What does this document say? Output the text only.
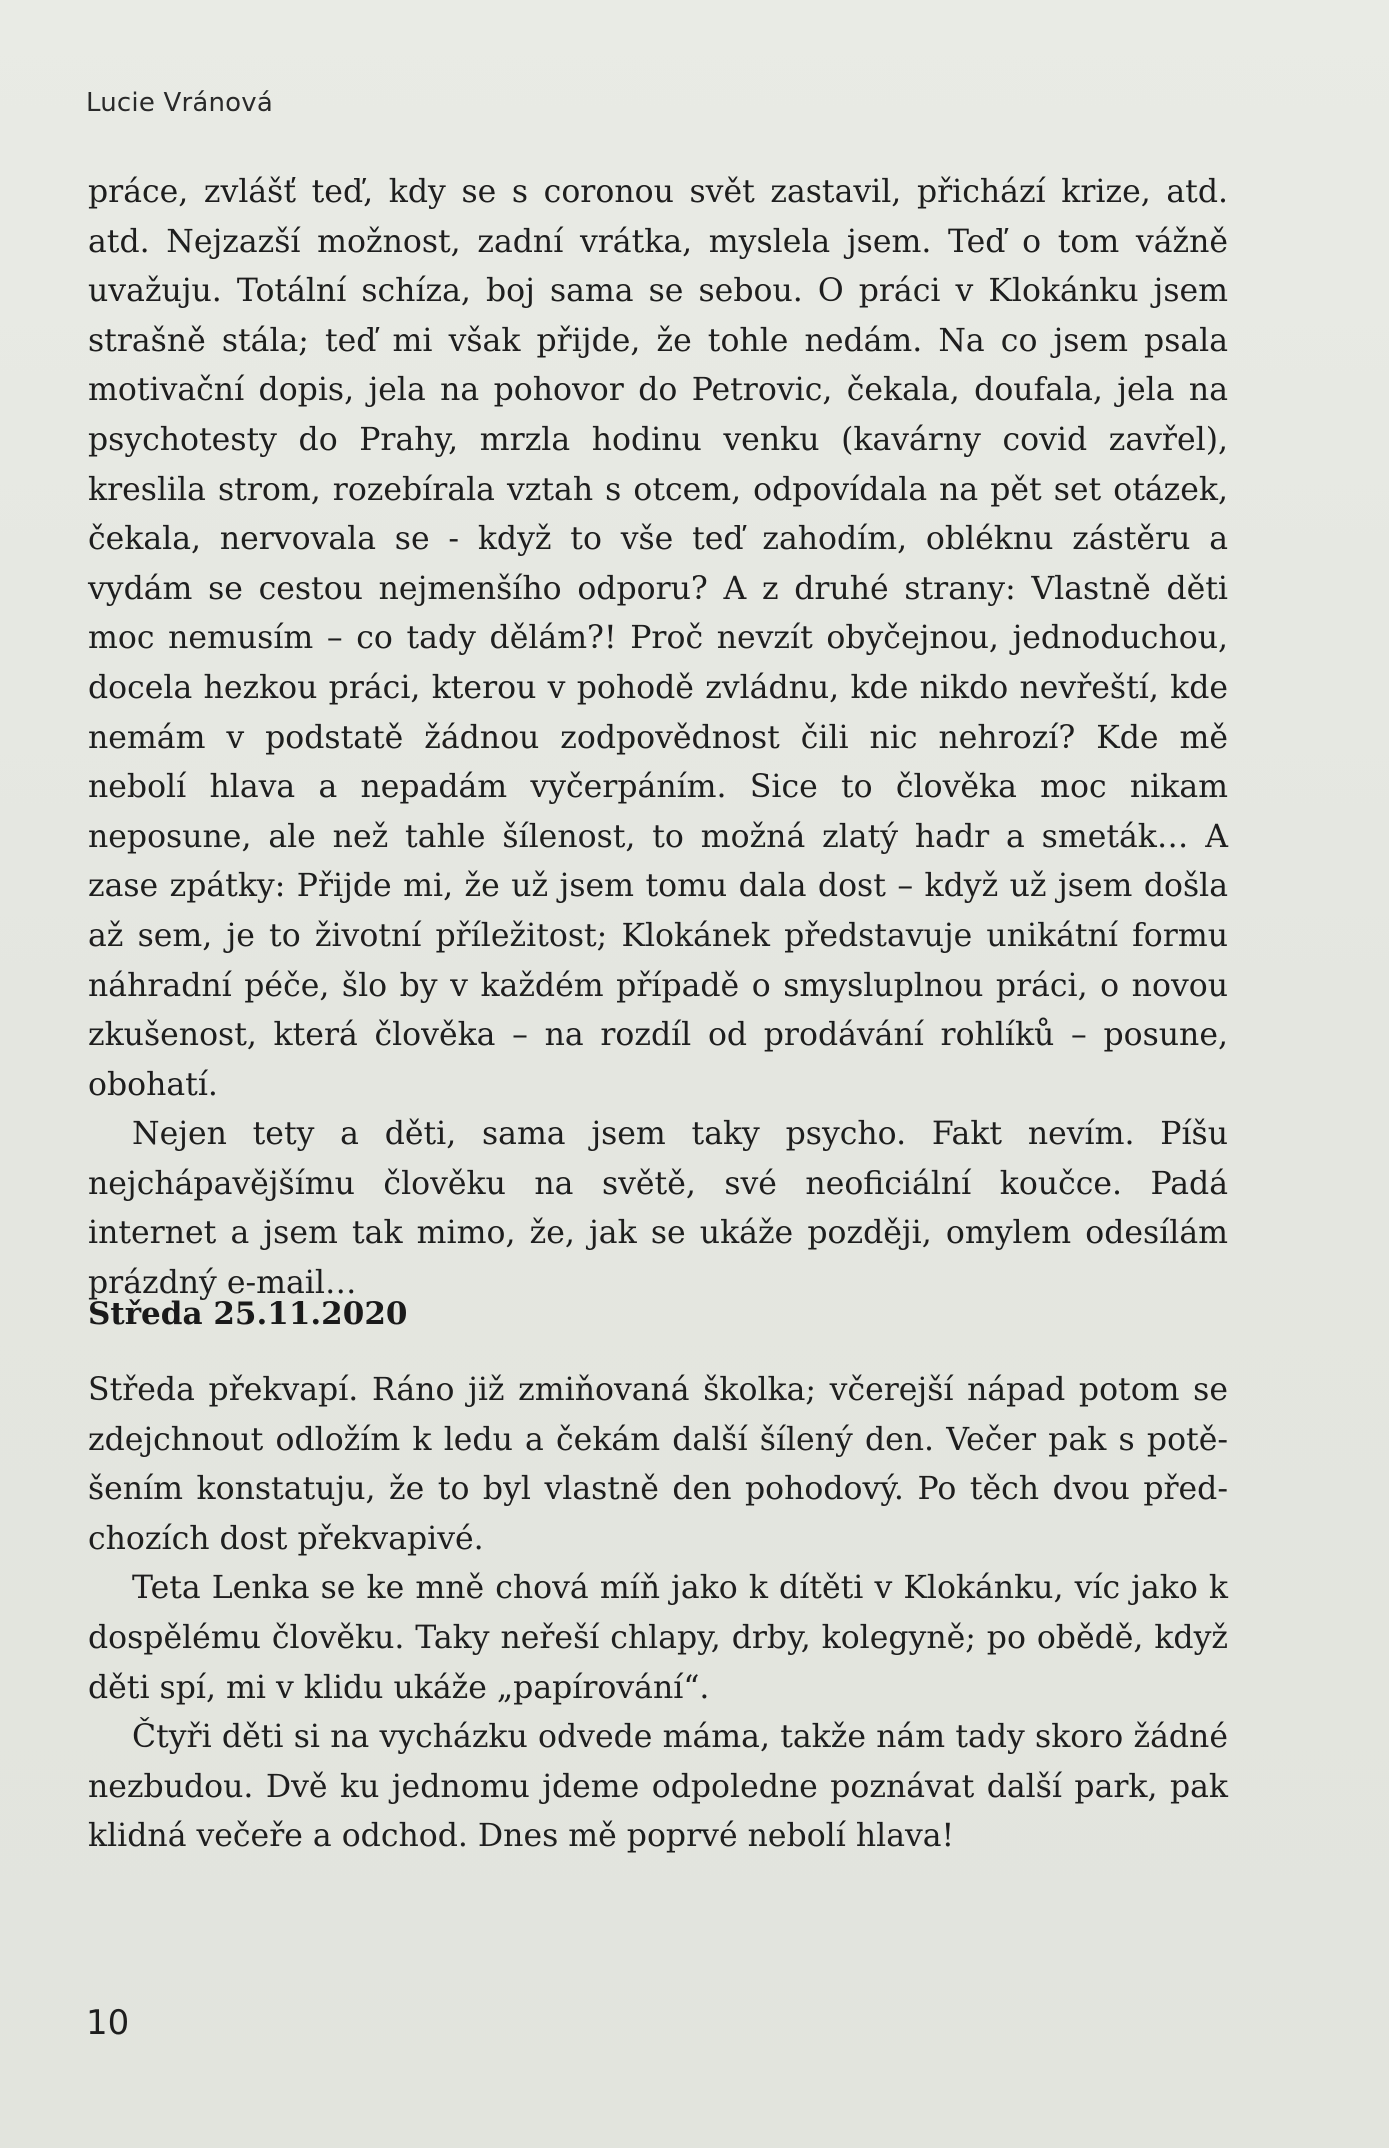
Lucie Vránová

práce, zvlášť teď, kdy se s coronou svět zastavil, přichází krize, atd. atd. Nejzazší možnost, zadní vrátka, myslela jsem. Teď o tom vážně uvažuju. Totální schíza, boj sama se sebou. O práci v Klokánku jsem strašně stála; teď mi však přijde, že tohle nedám. Na co jsem psala motivační dopis, jela na pohovor do Petrovic, čekala, doufala, jela na psychotesty do Prahy, mrzla hodinu venku (kavárny covid zavřel), kreslila strom, rozebírala vztah s otcem, odpovídala na pět set otázek, čekala, nervovala se - když to vše teď zahodím, obléknu zástěru a vydám se cestou nejmenšího odporu? A z druhé strany: Vlastně děti moc nemusím – co tady dělám?! Proč nevzít obyčejnou, jednoduchou, docela hezkou práci, kterou v pohodě zvládnu, kde nikdo nevřeští, kde nemám v podstatě žádnou zodpovědnost čili nic nehrozí? Kde mě nebolí hlava a nepadám vyčerpáním. Sice to člověka moc nikam neposune, ale než tahle šílenost, to možná zlatý hadr a smeták… A zase zpátky: Přijde mi, že už jsem tomu dala dost – když už jsem došla až sem, je to životní příležitost; Klokánek představuje unikátní formu náhradní péče, šlo by v každém případě o smysluplnou práci, o novou zkušenost, která člověka – na rozdíl od prodávání rohlíků – posune, obohatí.

Nejen tety a děti, sama jsem taky psycho. Fakt nevím. Píšu nejchápavějšímu člověku na světě, své neoficiální koučce. Padá internet a jsem tak mimo, že, jak se ukáže později, omylem odesílám prázdný e-mail…

Středa 25.11.2020

Středa překvapí. Ráno již zmiňovaná školka; včerejší nápad potom se zdejchnout odložím k ledu a čekám další šílený den. Večer pak s potěšením konstatuju, že to byl vlastně den pohodový. Po těch dvou předchozích dost překvapivé.

Teta Lenka se ke mně chová míň jako k dítěti v Klokánku, víc jako k dospělému člověku. Taky neřeší chlapy, drby, kolegyně; po obědě, když děti spí, mi v klidu ukáže „papírování“.

Čtyři děti si na vycházku odvede máma, takže nám tady skoro žádné nezbudou. Dvě ku jednomu jdeme odpoledne poznávat další park, pak klidná večeře a odchod. Dnes mě poprvé nebolí hlava!

10
